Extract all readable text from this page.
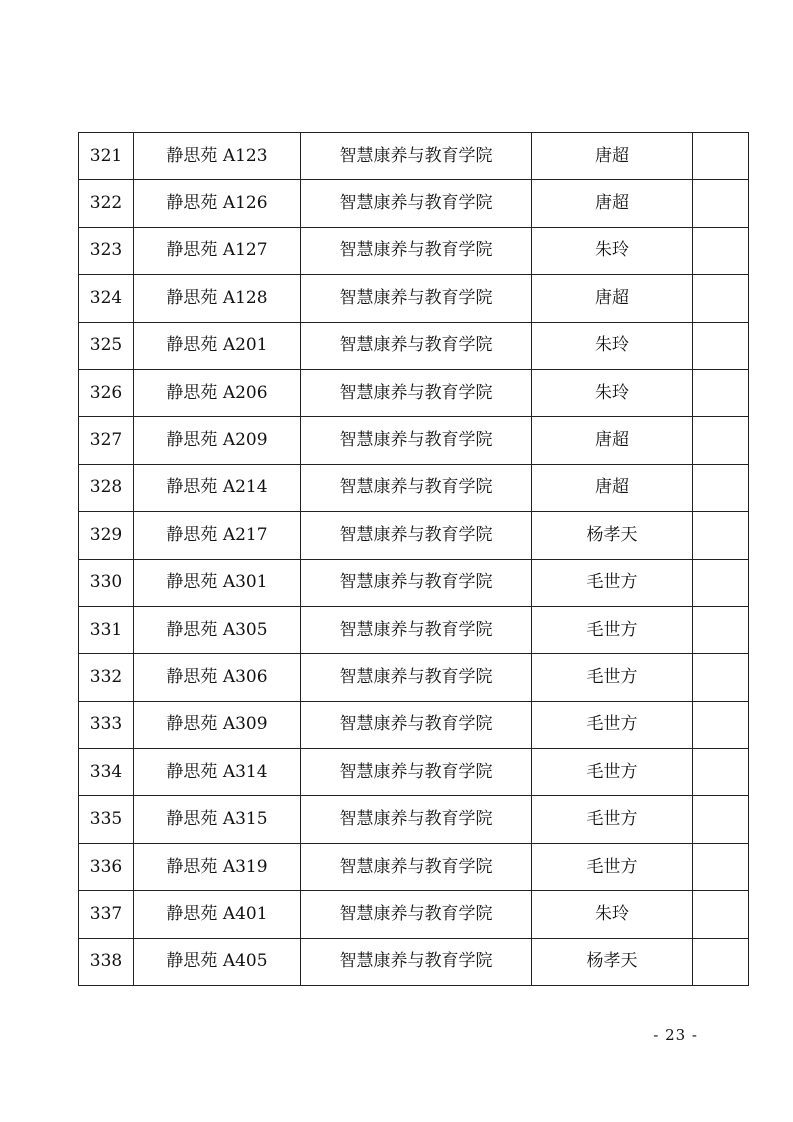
321	静思苑 A123	智慧康养与教育学院	唐超	
322	静思苑 A126	智慧康养与教育学院	唐超	
323	静思苑 A127	智慧康养与教育学院	朱玲	
324	静思苑 A128	智慧康养与教育学院	唐超	
325	静思苑 A201	智慧康养与教育学院	朱玲	
326	静思苑 A206	智慧康养与教育学院	朱玲	
327	静思苑 A209	智慧康养与教育学院	唐超	
328	静思苑 A214	智慧康养与教育学院	唐超	
329	静思苑 A217	智慧康养与教育学院	杨孝天	
330	静思苑 A301	智慧康养与教育学院	毛世方	
331	静思苑 A305	智慧康养与教育学院	毛世方	
332	静思苑 A306	智慧康养与教育学院	毛世方	
333	静思苑 A309	智慧康养与教育学院	毛世方	
334	静思苑 A314	智慧康养与教育学院	毛世方	
335	静思苑 A315	智慧康养与教育学院	毛世方	
336	静思苑 A319	智慧康养与教育学院	毛世方	
337	静思苑 A401	智慧康养与教育学院	朱玲	
338	静思苑 A405	智慧康养与教育学院	杨孝天	
- 23 -
